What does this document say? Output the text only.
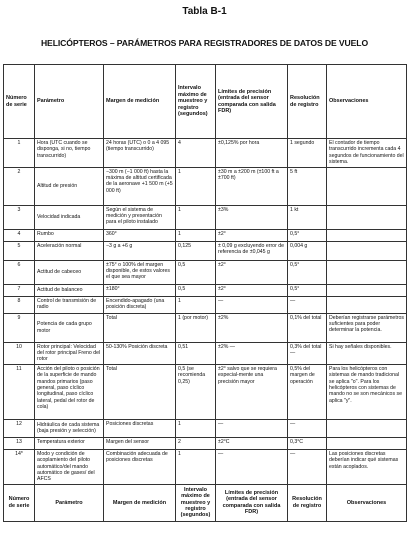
Tabla B-1
HELICÓPTEROS – PARÁMETROS PARA REGISTRADORES DE DATOS DE VUELO
Número de serie	Parámetro	Margen de medición	Intervalo máximo de muestreo y registro (segundos)	Límites de precisión (entrada del sensor comparada con salida FDR)	Resolución de registro	Observaciones
1	Hora (UTC cuando se disponga, si no, tiempo transcurrido)	24 horas (UTC) o 0 a 4 095 (tiempo transcurrido)	4	±0,125% por hora	1 segundo	El contador de tiempo transcurrido incrementa cada 4 segundos de funcionamiento del sistema.
2	Altitud de presión	−300 m (−1 000 ft) hasta la máxima de altitud certificada de la aeronave +1 500 m (+5 000 ft)	1	±30 m a ±200 m (±100 ft a ±700 ft)	5 ft	
3	Velocidad indicada	Según el sistema de medición y presentación para el piloto instalado	1	±3%	1 kt	
4	Rumbo	360°	1	±2°	0,5°	
5	Aceleración normal	−3 g a +6 g	0,125	± 0,09 g excluyendo error de referencia de ±0,045 g	0,004 g	
6	Actitud de cabeceo	±75° o 100% del margen disponible, de estos valores el que sea mayor	0,5	±2°	0,5°	
7	Actitud de balanceo	±180°	0,5	±2°	0,5°	
8	Control de transmisión de radio	Encendido-apagado (una posición discreta)	1	—	—	
9	Potencia de cada grupo motor	Total	1 (por motor)	±2%	0,1% del total	Deberían registrarse parámetros suficientes para poder determinar la potencia.
10	Rotor principal: Velocidad del rotor principal Freno del rotor	50-130% Posición discreta	0,51	±2% —	0,3% del total —	Si hay señales disponibles.
11	Acción del piloto o posición de la superficie de mando mandos primarios (paso general, paso cíclico longitudinal, paso cíclico lateral, pedal del rotor de cola)	Total	0,5 (se recomienda 0,25)	±2° salvo que se requiera especial-mente una precisión mayor	0,5% del margen de operación	Para los helicópteros con sistemas de mando tradicional se aplica "o". Para los helicópteros con sistemas de mando no se son mecánicos se aplica "y".
12	Hidráulica de cada sistema (baja presión y selección)	Posiciones discretas	1	—	—	
13	Temperatura exterior	Margen del sensor	2	±2°C	0,3°C	
14*	Modo y condición de acoplamiento del piloto automático/del mando automático de gases/ del AFCS	Combinación adecuada de posiciones discretas	1	—	—	Las posiciones discretas deberían indicar qué sistemas están acoplados.
Número de serie	Parámetro	Margen de medición	Intervalo máximo de muestreo y registro (segundos)	Límites de precisión (entrada del sensor comparada con salida FDR)	Resolución de registro	Observaciones
